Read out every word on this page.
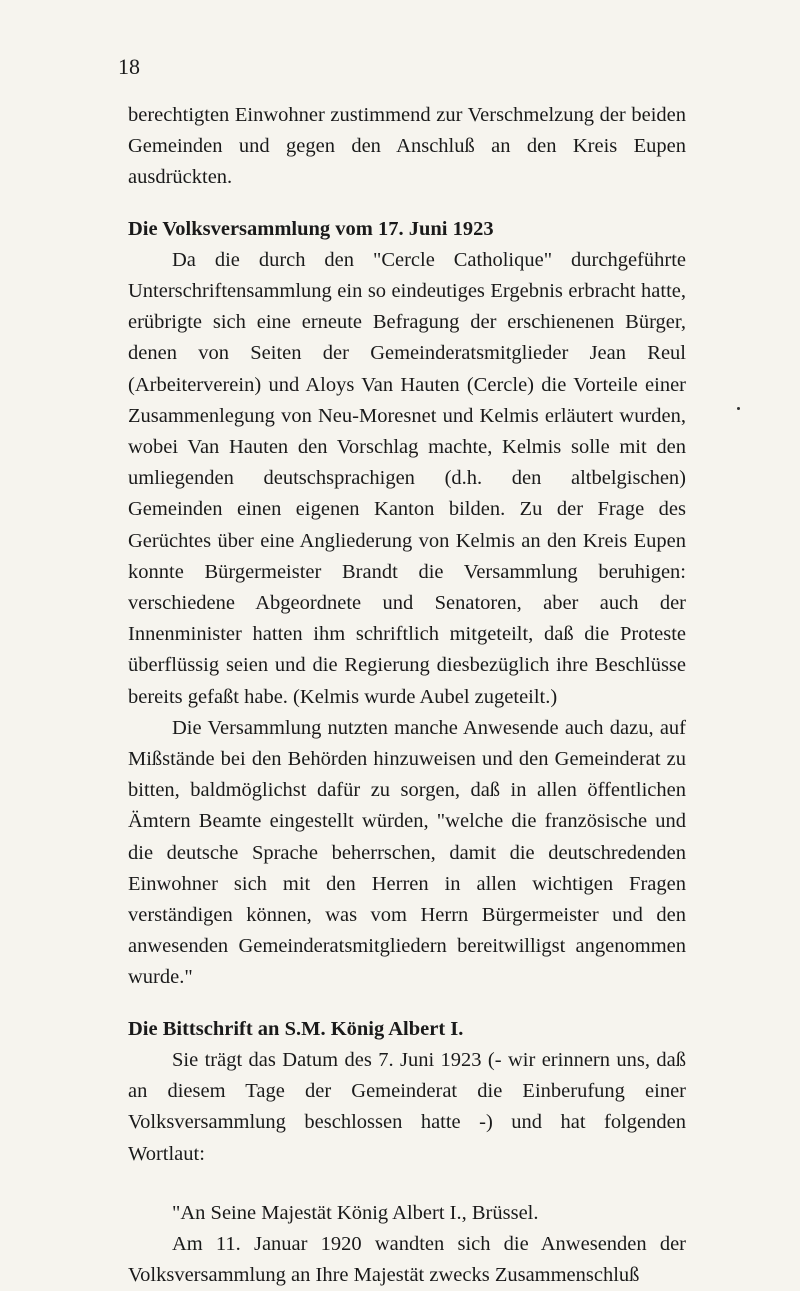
18

berechtigten Einwohner zustimmend zur Verschmelzung der beiden Gemeinden und gegen den Anschluß an den Kreis Eupen ausdrückten.

Die Volksversammlung vom 17. Juni 1923

Da die durch den "Cercle Catholique" durchgeführte Unterschriftensammlung ein so eindeutiges Ergebnis erbracht hatte, erübrigte sich eine erneute Befragung der erschienenen Bürger, denen von Seiten der Gemeinderatsmitglieder Jean Reul (Arbeiterverein) und Aloys Van Hauten (Cercle) die Vorteile einer Zusammenlegung von Neu-Moresnet und Kelmis erläutert wurden, wobei Van Hauten den Vorschlag machte, Kelmis solle mit den umliegenden deutschsprachigen (d.h. den altbelgischen) Gemeinden einen eigenen Kanton bilden. Zu der Frage des Gerüchtes über eine Angliederung von Kelmis an den Kreis Eupen konnte Bürgermeister Brandt die Versammlung beruhigen: verschiedene Abgeordnete und Senatoren, aber auch der Innenminister hatten ihm schriftlich mitgeteilt, daß die Proteste überflüssig seien und die Regierung diesbezüglich ihre Beschlüsse bereits gefaßt habe. (Kelmis wurde Aubel zugeteilt.)

Die Versammlung nutzten manche Anwesende auch dazu, auf Mißstände bei den Behörden hinzuweisen und den Gemeinderat zu bitten, baldmöglichst dafür zu sorgen, daß in allen öffentlichen Ämtern Beamte eingestellt würden, "welche die französische und die deutsche Sprache beherrschen, damit die deutschredenden Einwohner sich mit den Herren in allen wichtigen Fragen verständigen können, was vom Herrn Bürgermeister und den anwesenden Gemeinderatsmitgliedern bereitwilligst angenommen wurde."

Die Bittschrift an S.M. König Albert I.

Sie trägt das Datum des 7. Juni 1923 (- wir erinnern uns, daß an diesem Tage der Gemeinderat die Einberufung einer Volksversammlung beschlossen hatte -) und hat folgenden Wortlaut:

"An Seine Majestät König Albert I., Brüssel.

Am 11. Januar 1920 wandten sich die Anwesenden der Volksversammlung an Ihre Majestät zwecks Zusammenschluß
